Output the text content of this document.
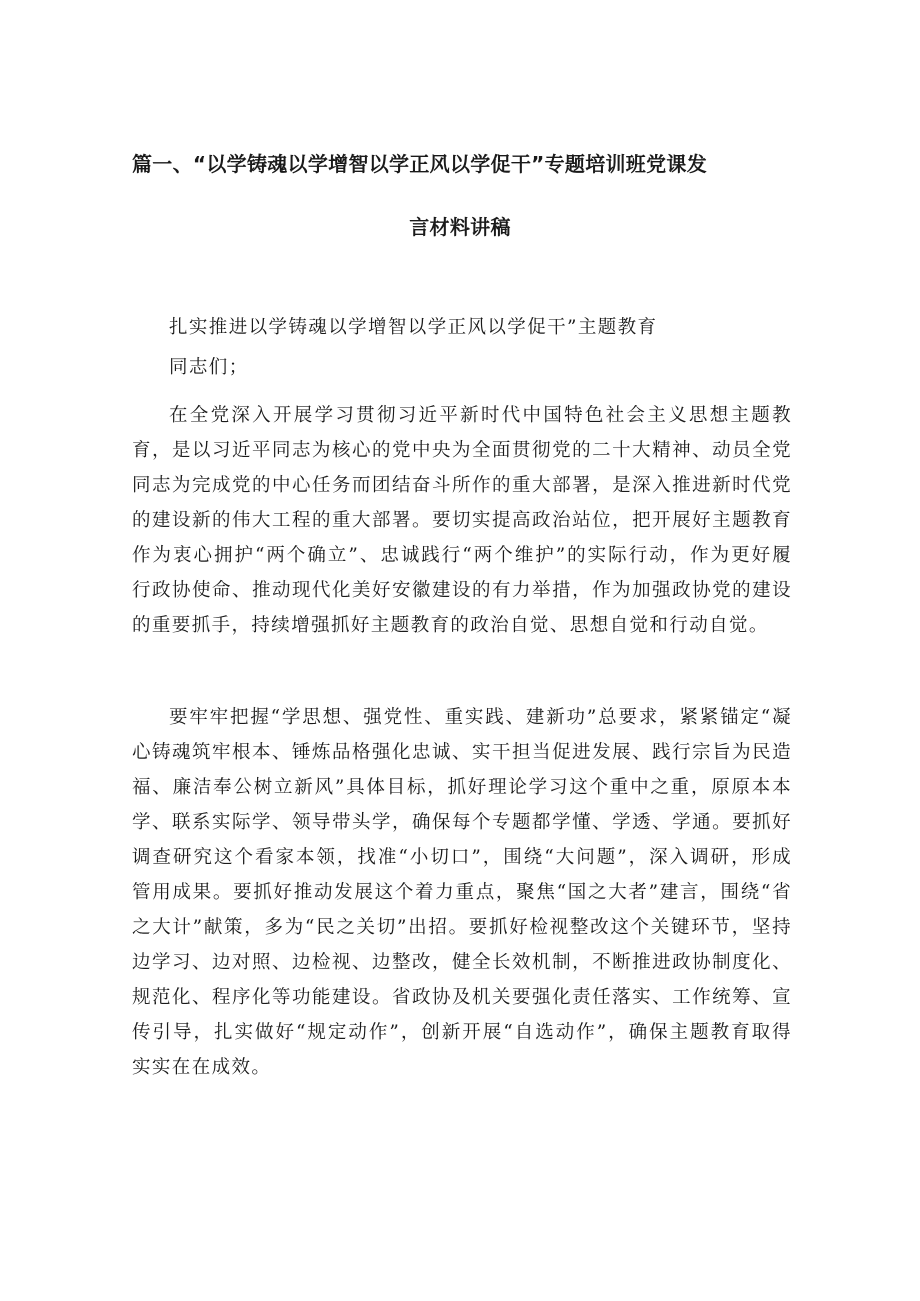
篇一、“以学铸魂以学增智以学正风以学促干”专题培训班党课发
言材料讲稿
扎实推进以学铸魂以学增智以学正风以学促干”主题教育
同志们；

在全党深入开展学习贯彻习近平新时代中国特色社会主义思想主题教育，是以习近平同志为核心的党中央为全面贯彻党的二十大精神、动员全党同志为完成党的中心任务而团结奋斗所作的重大部署，是深入推进新时代党的建设新的伟大工程的重大部署。要切实提高政治站位，把开展好主题教育作为衷心拥护“两个确立”、忠诚践行“两个维护”的实际行动，作为更好履行政协使命、推动现代化美好安徽建设的有力举措，作为加强政协党的建设的重要抓手，持续增强抓好主题教育的政治自觉、思想自觉和行动自觉。

要牢牢把握“学思想、强党性、重实践、建新功”总要求，紧紧锚定“凝心铸魂筑牢根本、锤炼品格强化忠诚、实干担当促进发展、践行宗旨为民造福、廉洁奉公树立新风”具体目标，抓好理论学习这个重中之重，原原本本学、联系实际学、领导带头学，确保每个专题都学懂、学透、学通。要抓好调查研究这个看家本领，找准“小切口”，围绕“大问题”，深入调研，形成管用成果。要抓好推动发展这个着力重点，聚焦“国之大者”建言，围绕“省之大计”献策，多为“民之关切”出招。要抓好检视整改这个关键环节，坚持边学习、边对照、边检视、边整改，健全长效机制，不断推进政协制度化、规范化、程序化等功能建设。省政协及机关要强化责任落实、工作统筹、宣传引导，扎实做好“规定动作”，创新开展“自选动作”，确保主题教育取得实实在在成效。
